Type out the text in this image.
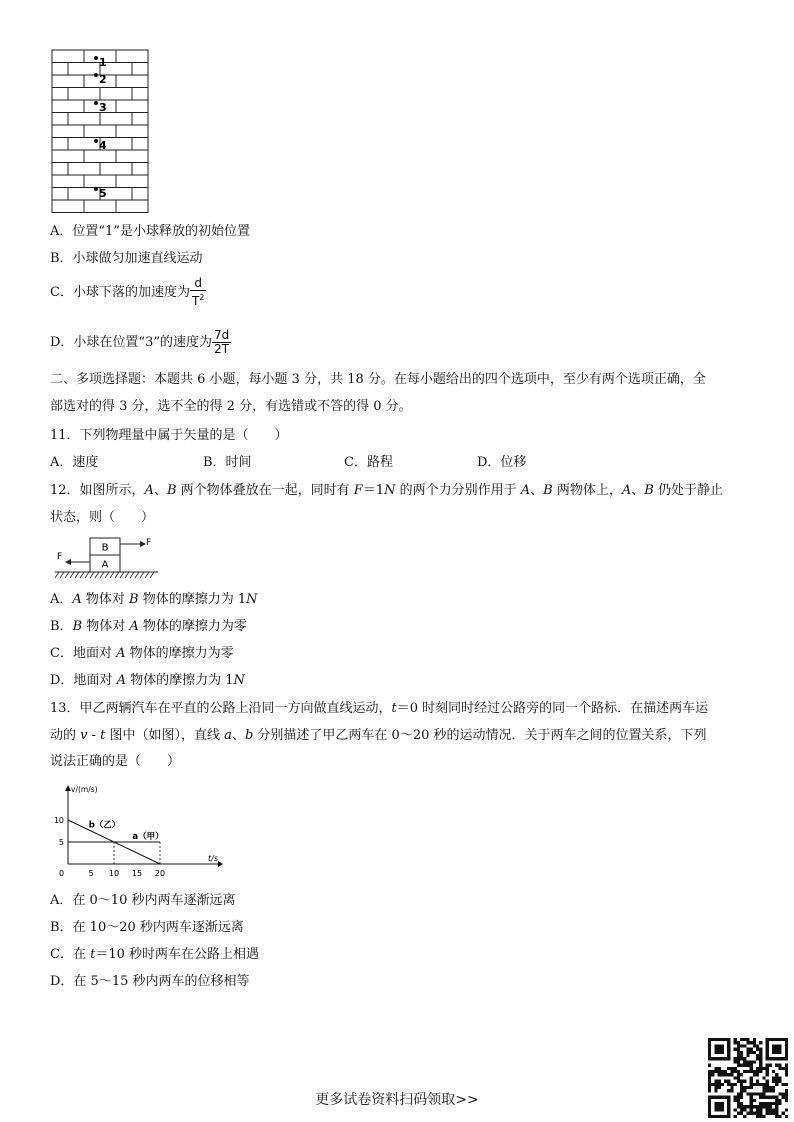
1
2
3
4
5
A．位置“1”是小球释放的初始位置
B．小球做匀加速直线运动
C．小球下落的加速度为 $\frac{d}{T^2}$
D．小球在位置“3”的速度为 $\frac{7d}{2T}$
二、多项选择题：本题共 6 小题，每小题 3 分，共 18 分。在每小题给出的四个选项中，至少有两个选项正确，全
部选对的得 3 分，选不全的得 2 分，有选错或不答的得 0 分。
11．下列物理量中属于矢量的是（　　）
A．速度	B．时间	C．路程	D．位移
12．如图所示，A、B 两个物体叠放在一起，同时有 F＝1N 的两个力分别作用于 A、B 两物体上，A、B 仍处于静止
状态，则（　　）
B
A
F
F
A．A 物体对 B 物体的摩擦力为 1N
B．B 物体对 A 物体的摩擦力为零
C．地面对 A 物体的摩擦力为零
D．地面对 A 物体的摩擦力为 1N
13．甲乙两辆汽车在平直的公路上沿同一方向做直线运动，t＝0 时刻同时经过公路旁的同一个路标．在描述两车运
动的 v - t 图中（如图），直线 a、b 分别描述了甲乙两车在 0～20 秒的运动情况．关于两车之间的位置关系，下列
说法正确的是（　　）
v/(m/s)
t/s
0	5 10 15 20
5
10
a（甲）
b（乙）
A．在 0～10 秒内两车逐渐远离
B．在 10～20 秒内两车逐渐远离
C．在 t＝10 秒时两车在公路上相遇
D．在 5～15 秒内两车的位移相等
更多试卷资料扫码领取>>
